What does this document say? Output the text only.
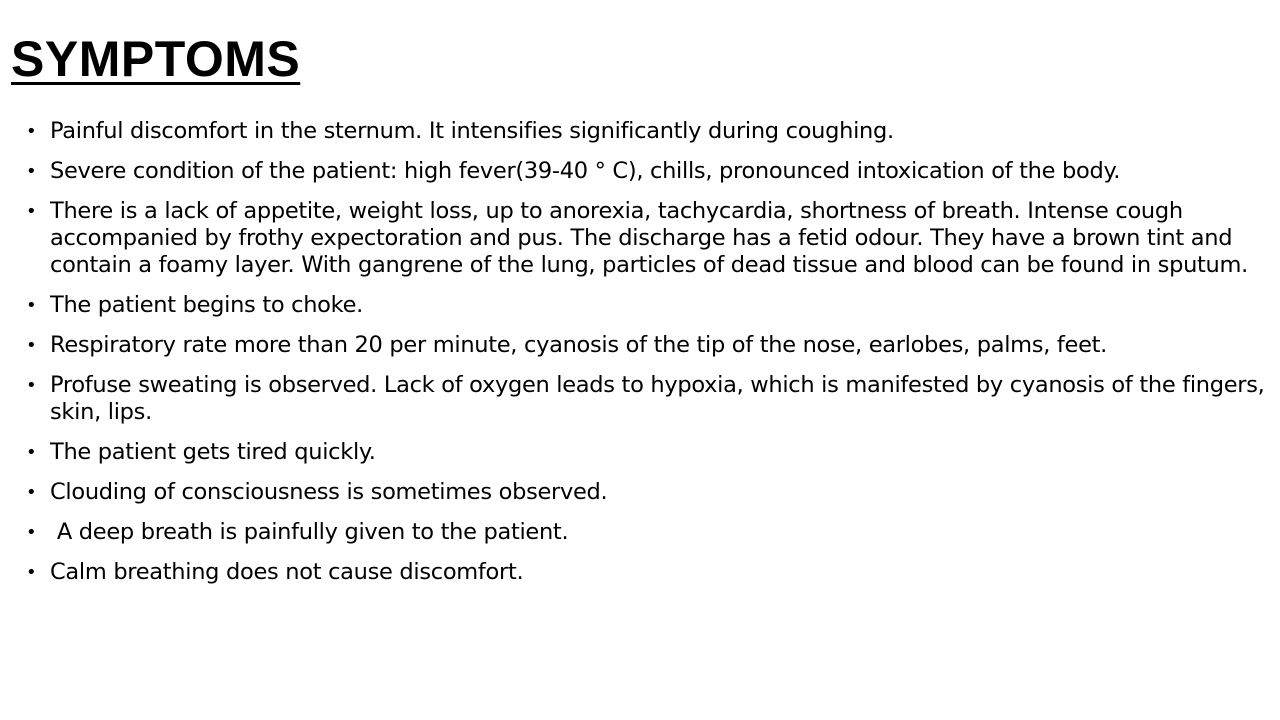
SYMPTOMS
• Painful discomfort in the sternum. It intensifies significantly during coughing.
• Severe condition of the patient: high fever(39-40 ° C), chills, pronounced intoxication of the body.
• There is a lack of appetite, weight loss, up to anorexia, tachycardia, shortness of breath. Intense cough accompanied by frothy expectoration and pus. The discharge has a fetid odour. They have a brown tint and contain a foamy layer. With gangrene of the lung, particles of dead tissue and blood can be found in sputum.
• The patient begins to choke.
• Respiratory rate more than 20 per minute, cyanosis of the tip of the nose, earlobes, palms, feet.
• Profuse sweating is observed. Lack of oxygen leads to hypoxia, which is manifested by cyanosis of the fingers, skin, lips.
• The patient gets tired quickly.
• Clouding of consciousness is sometimes observed.
• A deep breath is painfully given to the patient.
• Calm breathing does not cause discomfort.
